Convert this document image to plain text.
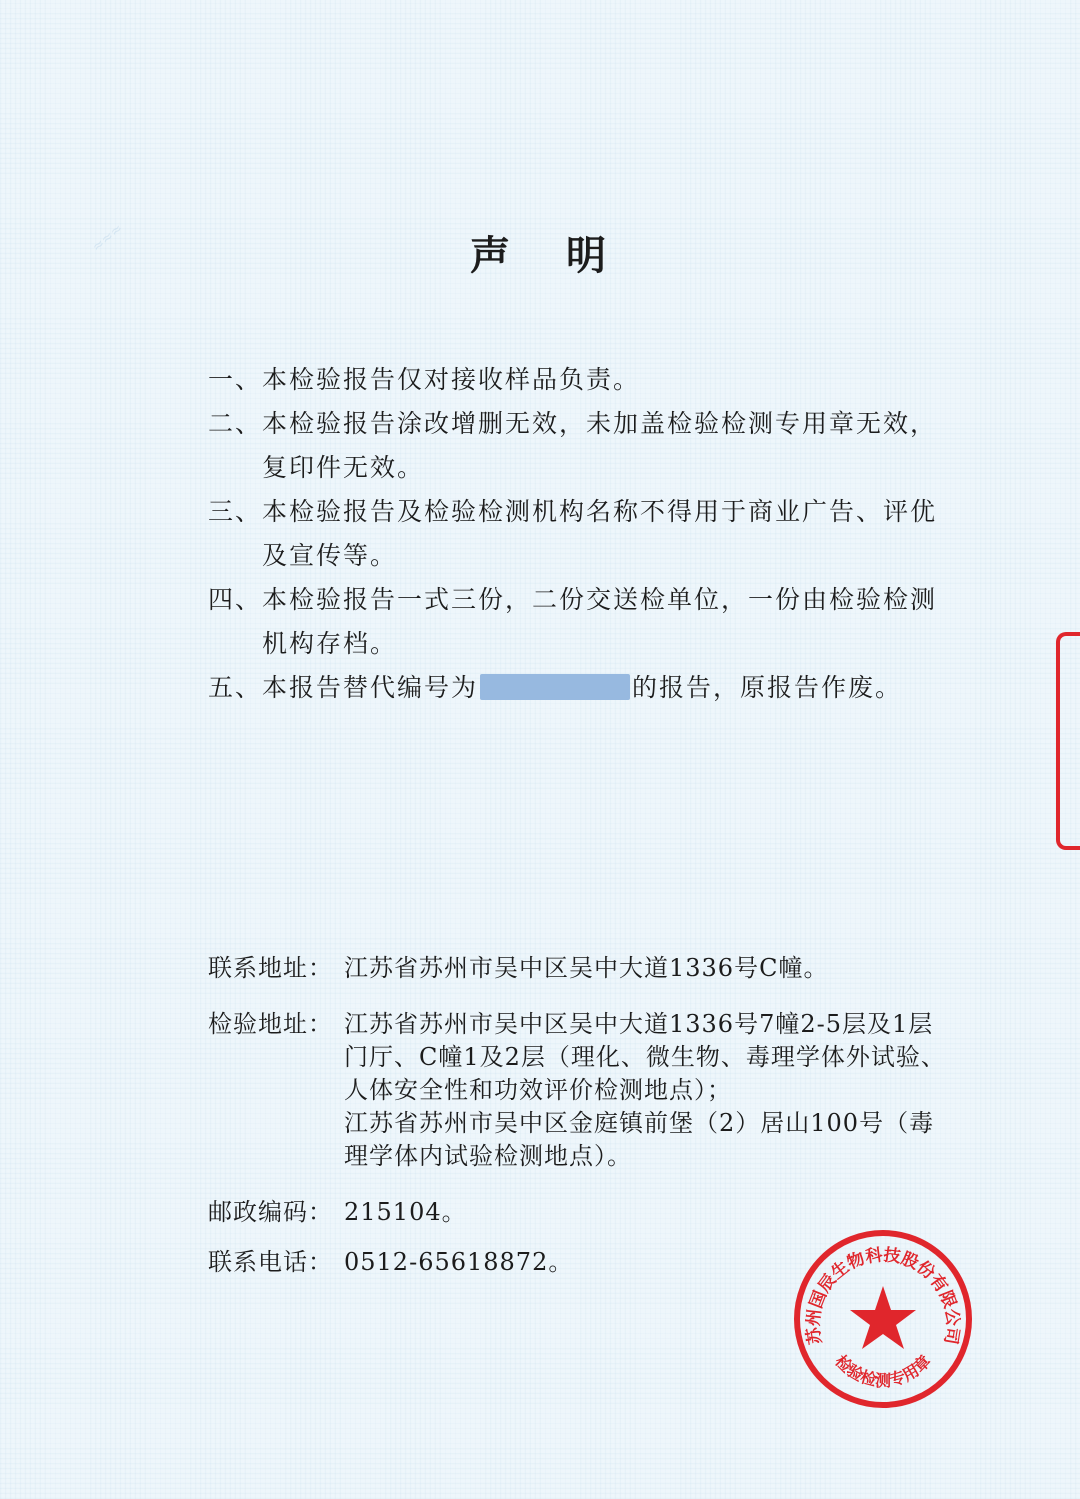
≈≈≈	声 明
一、 本检验报告仅对接收样品负责。
二、 本检验报告涂改增删无效，未加盖检验检测专用章无效，复印件无效。
三、 本检验报告及检验检测机构名称不得用于商业广告、评优及宣传等。
四、 本检验报告一式三份，二份交送检单位，一份由检验检测机构存档。
五、 本报告替代编号为	的报告，原报告作废。
联系地址： 江苏省苏州市吴中区吴中大道1336号C幢。
检验地址： 江苏省苏州市吴中区吴中大道1336号7幢2-5层及1层门厅、C幢1及2层（理化、微生物、毒理学体外试验、人体安全性和功效评价检测地点）；
江苏省苏州市吴中区金庭镇前堡（2）居山100号（毒理学体内试验检测地点）。
邮政编码： 215104。
联系电话： 0512-65618872。
苏州国辰生物科技股份有限公司
检验检测专用章
